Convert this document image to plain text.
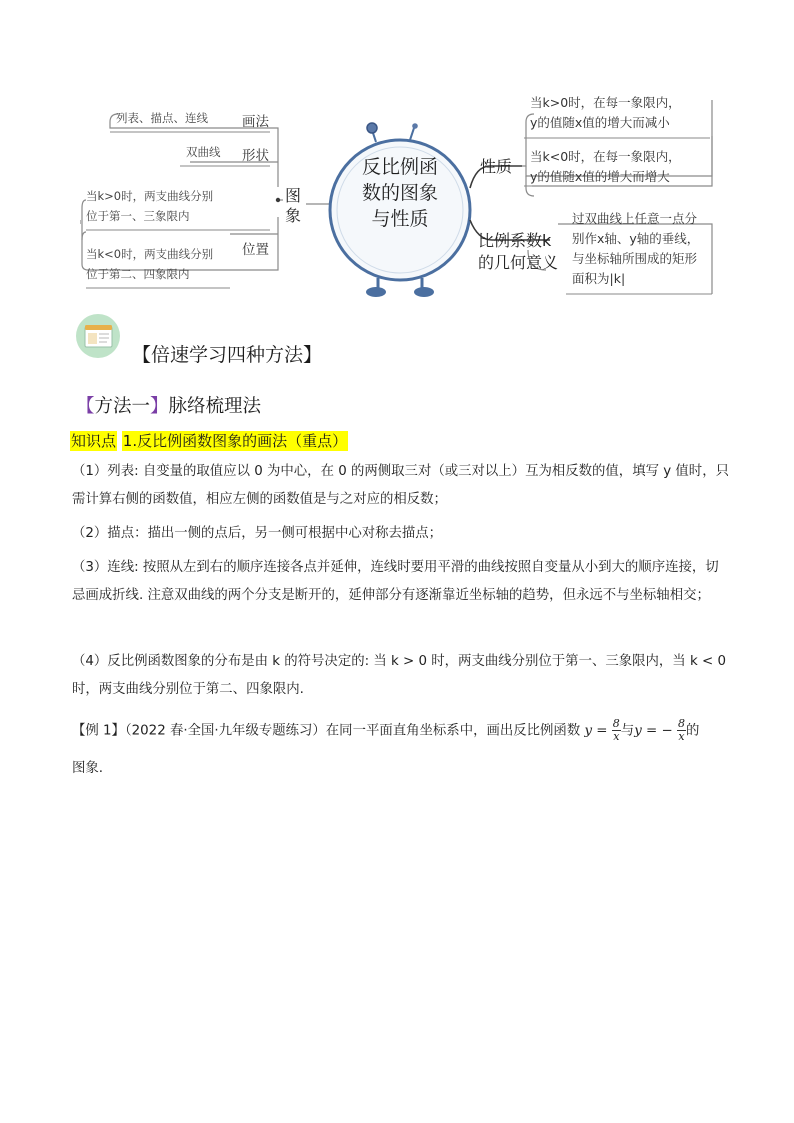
列表、描点、连线	画法
双曲线 形状
当k>0时，两支曲线分别
位于第一、三象限内
位置
当k<0时，两支曲线分别
位于第二、四象限内
图象
反比例函
数的图象
与性质
性质
当k>0时，在每一象限内，
y的值随x值的增大而减小
当k<0时，在每一象限内，
y的值随x值的增大而增大
比例系数k
的几何意义
过双曲线上任意一点分
别作x轴、y轴的垂线，
与坐标轴所围成的矩形
面积为|k|
【倍速学习四种方法】
【方法一】脉络梳理法
知识点 1.反比例函数图象的画法（重点）
（1）列表: 自变量的取值应以 0 为中心，在 0 的两侧取三对（或三对以上）互为相反数的值，填写 y 值时，只需计算右侧的函数值，相应左侧的函数值是与之对应的相反数；
（2）描点：描出一侧的点后，另一侧可根据中心对称去描点；
（3）连线: 按照从左到右的顺序连接各点并延伸，连线时要用平滑的曲线按照自变量从小到大的顺序连接，切忌画成折线. 注意双曲线的两个分支是断开的，延伸部分有逐渐靠近坐标轴的趋势，但永远不与坐标轴相交；
（4）反比例函数图象的分布是由 k 的符号决定的: 当 k > 0 时，两支曲线分别位于第一、三象限内，当 k < 0 时，两支曲线分别位于第二、四象限内.
【例 1】（2022 春·全国·九年级专题练习）在同一平面直角坐标系中，画出反比例函数 $y = \frac{8}{x}$ 与y = − $\frac{8}{x}$ 的
图象.
